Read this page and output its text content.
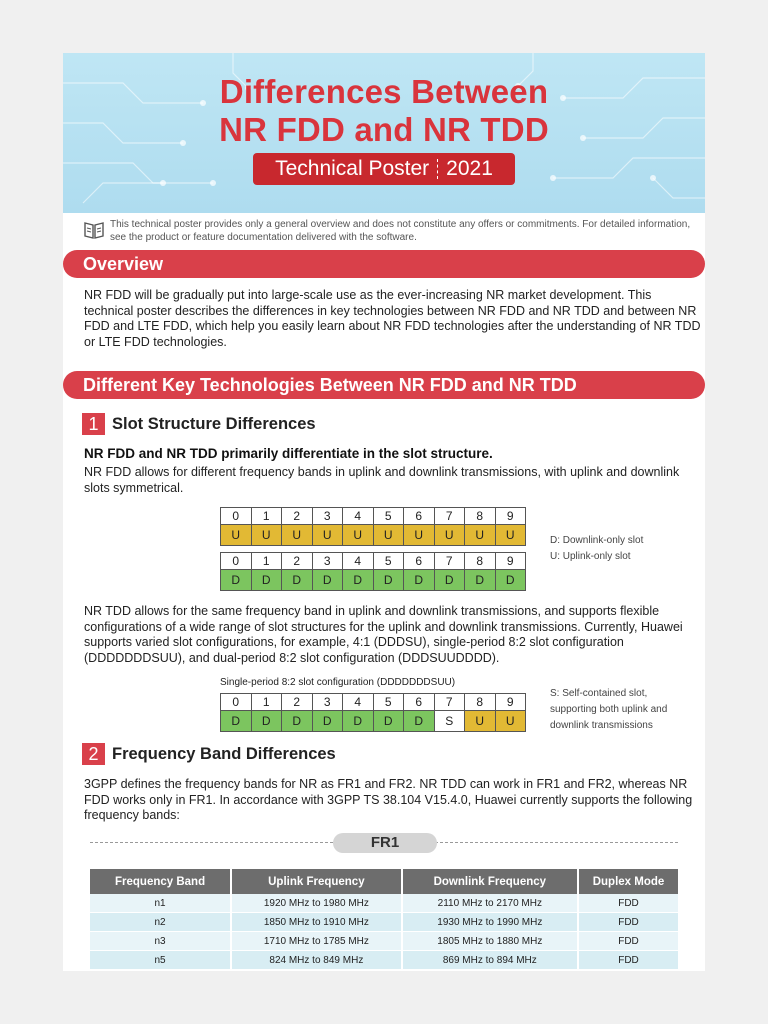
Differences Between
NR FDD and NR TDD
Technical Poster 2021
This technical poster provides only a general overview and does not constitute any offers or commitments. For detailed information, see the product or feature documentation delivered with the software.
Overview
NR FDD will be gradually put into large-scale use as the ever-increasing NR market development. This technical poster describes the differences in key technologies between NR FDD and NR TDD and between NR FDD and LTE FDD, which help you easily learn about NR FDD technologies after the understanding of NR TDD or LTE FDD technologies.
Different Key Technologies Between NR FDD and NR TDD
1 Slot Structure Differences
NR FDD and NR TDD primarily differentiate in the slot structure.
NR FDD allows for different frequency bands in uplink and downlink transmissions, with uplink and downlink slots symmetrical.
0	1	2	3	4	5	6	7	8	9
U	U	U	U	U	U	U	U	U	U
0	1	2	3	4	5	6	7	8	9
D	D	D	D	D	D	D	D	D	D
D: Downlink-only slot
U: Uplink-only slot
NR TDD allows for the same frequency band in uplink and downlink transmissions, and supports flexible configurations of a wide range of slot structures for the uplink and downlink transmissions. Currently, Huawei supports varied slot configurations, for example, 4:1 (DDDSU), single-period 8:2 slot configuration (DDDDDDDSUU), and dual-period 8:2 slot configuration (DDDSUUDDDD).
Single-period 8:2 slot configuration (DDDDDDDSUU)
0	1	2	3	4	5	6	7	8	9
D	D	D	D	D	D	D	S	U	U
S: Self-contained slot, supporting both uplink and downlink transmissions
2 Frequency Band Differences
3GPP defines the frequency bands for NR as FR1 and FR2. NR TDD can work in FR1 and FR2, whereas NR FDD works only in FR1. In accordance with 3GPP TS 38.104 V15.4.0, Huawei currently supports the following frequency bands:
FR1
Frequency Band	Uplink Frequency	Downlink Frequency	Duplex Mode
n1	1920 MHz to 1980 MHz	2110 MHz to 2170 MHz	FDD
n2	1850 MHz to 1910 MHz	1930 MHz to 1990 MHz	FDD
n3	1710 MHz to 1785 MHz	1805 MHz to 1880 MHz	FDD
n5	824 MHz to 849 MHz	869 MHz to 894 MHz	FDD
